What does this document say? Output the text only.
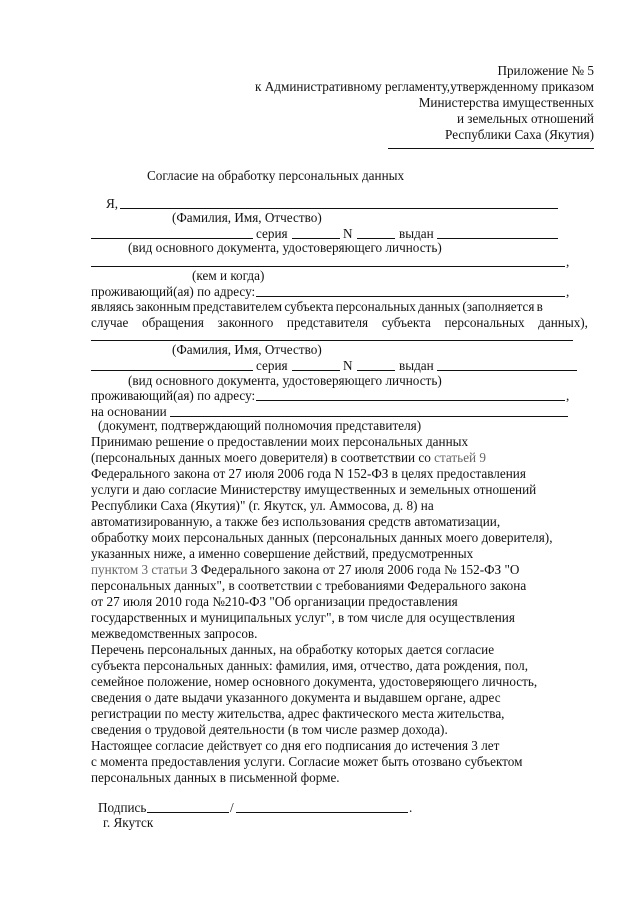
Приложение № 5
к Административному регламенту,утвержденному приказом
Министерства имущественных
и земельных отношений
Республики Саха (Якутия)
Согласие на обработку персональных данных
Я,
(Фамилия, Имя, Отчество)
серия	N	выдан
(вид основного документа, удостоверяющего личность)
,
(кем и когда)
проживающий(ая) по адресу:	,
являясь законным представителем субъекта персональных данных (заполняется в
случае обращения законного представителя субъекта персональных данных),
(Фамилия, Имя, Отчество)
серия	N	выдан
(вид основного документа, удостоверяющего личность)
проживающий(ая) по адресу:	,
на основании
(документ, подтверждающий полномочия представителя)
Принимаю решение о предоставлении моих персональных данных
(персональных данных моего доверителя) в соответствии со статьей 9
Федерального закона от 27 июля 2006 года N 152-ФЗ в целях предоставления
услуги и даю согласие Министерству имущественных и земельных отношений
Республики Саха (Якутия)" (г. Якутск, ул. Аммосова, д. 8) на
автоматизированную, а также без использования средств автоматизации,
обработку моих персональных данных (персональных данных моего доверителя),
указанных ниже, а именно совершение действий, предусмотренных
пунктом 3 статьи 3 Федерального закона от 27 июля 2006 года № 152-ФЗ "О
персональных данных", в соответствии с требованиями Федерального закона
от 27 июля 2010 года №210-ФЗ "Об организации предоставления
государственных и муниципальных услуг", в том числе для осуществления
межведомственных запросов.
Перечень персональных данных, на обработку которых дается согласие
субъекта персональных данных: фамилия, имя, отчество, дата рождения, пол,
семейное положение, номер основного документа, удостоверяющего личность,
сведения о дате выдачи указанного документа и выдавшем органе, адрес
регистрации по месту жительства, адрес фактического места жительства,
сведения о трудовой деятельности (в том числе размер дохода).
Настоящее согласие действует со дня его подписания до истечения 3 лет
с момента предоставления услуги. Согласие может быть отозвано субъектом
персональных данных в письменной форме.
Подпись	/	.
г. Якутск
